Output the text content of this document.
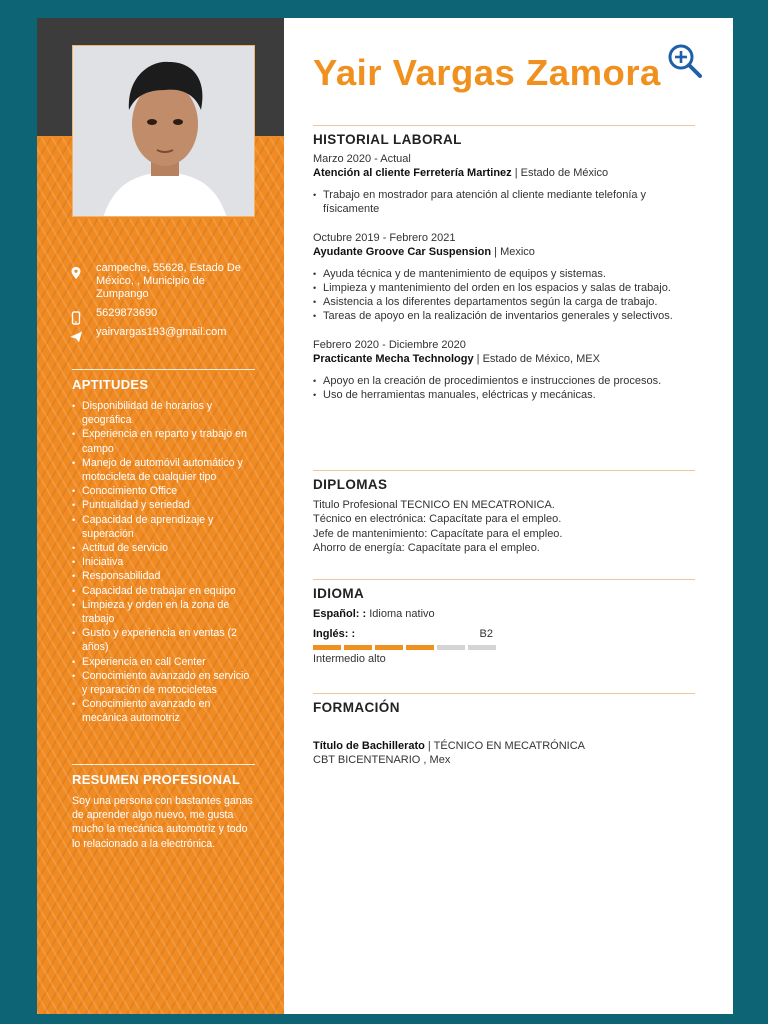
campeche, 55628, Estado De México, , Municipio de Zumpango
5629873690
yairvargas193@gmail.com
APTITUDES
• Disponibilidad de horarios y geográfica
• Experiencia en reparto y trabajo en campo
• Manejo de automóvil automático y motocicleta de cualquier tipo
• Conocimiento Office
• Puntualidad y seriedad
• Capacidad de aprendizaje y superación
• Actitud de servicio
• Iniciativa
• Responsabilidad
• Capacidad de trabajar en equipo
• Limpieza y orden en la zona de trabajo
• Gusto y experiencia en ventas (2 años)
• Experiencia en call Center
• Conocimiento avanzado en servicio y reparación de motocicletas
• Conocimiento avanzado en mecánica automotriz
RESUMEN PROFESIONAL
Soy una persona con bastantes ganas de aprender algo nuevo, me gusta mucho la mecánica automotriz y todo lo relacionado a la electrónica.
Yair Vargas Zamora
HISTORIAL LABORAL
Marzo 2020 - Actual
Atención al cliente Ferretería Martinez | Estado de México
• Trabajo en mostrador para atención al cliente mediante telefonía y físicamente
Octubre 2019 - Febrero 2021
Ayudante Groove Car Suspension | Mexico
• Ayuda técnica y de mantenimiento de equipos y sistemas.
• Limpieza y mantenimiento del orden en los espacios y salas de trabajo.
• Asistencia a los diferentes departamentos según la carga de trabajo.
• Tareas de apoyo en la realización de inventarios generales y selectivos.
Febrero 2020 - Diciembre 2020
Practicante Mecha Technology | Estado de México, MEX
• Apoyo en la creación de procedimientos e instrucciones de procesos.
• Uso de herramientas manuales, eléctricas y mecánicas.
DIPLOMAS
Titulo Profesional TECNICO EN MECATRONICA.
Técnico en electrónica: Capacítate para el empleo.
Jefe de mantenimiento: Capacítate para el empleo.
Ahorro de energía: Capacítate para el empleo.
IDIOMA
Español: : Idioma nativo
Inglés: :	B2
Intermedio alto
FORMACIÓN
Título de Bachillerato | TÉCNICO EN MECATRÓNICA
CBT BICENTENARIO , Mex
